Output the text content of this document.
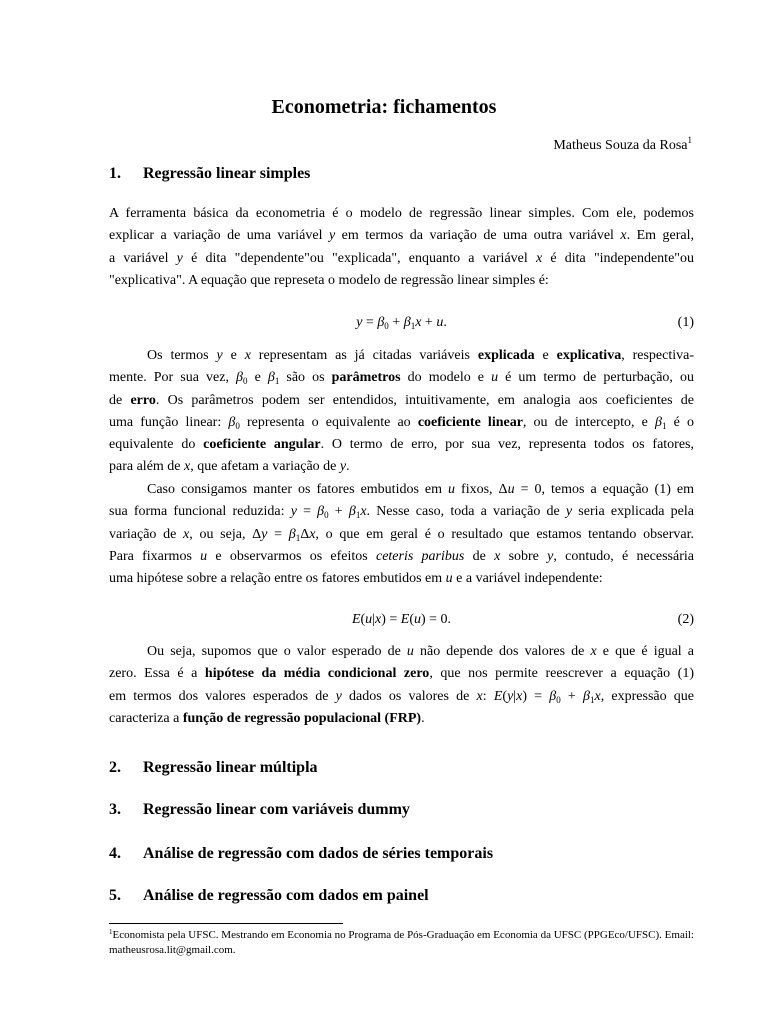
Econometria: fichamentos
Matheus Souza da Rosa$^1$
1. Regressão linear simples
A ferramenta básica da econometria é o modelo de regressão linear simples. Com ele, podemos
explicar a variação de uma variável y em termos da variação de uma outra variável x. Em geral,
a variável y é dita "dependente"ou "explicada", enquanto a variável x é dita "independente"ou
"explicativa". A equação que represeta o modelo de regressão linear simples é:
$y = \beta_0 + \beta_1x + u$.	(1)
Os termos y e x representam as já citadas variáveis explicada e explicativa, respectiva-
mente. Por sua vez, $\beta_0$ e $\beta_1$ são os parâmetros do modelo e u é um termo de perturbação, ou
de erro. Os parâmetros podem ser entendidos, intuitivamente, em analogia aos coeficientes de
uma função linear: $\beta_0$ representa o equivalente ao coeficiente linear, ou de intercepto, e $\beta_1$ é o
equivalente do coeficiente angular. O termo de erro, por sua vez, representa todos os fatores,
para além de x, que afetam a variação de y.
Caso consigamos manter os fatores embutidos em u fixos, Δu = 0, temos a equação (1) em
sua forma funcional reduzida: $y = \beta_0 + \beta_1x$. Nesse caso, toda a variação de y seria explicada pela
variação de x, ou seja, $\Delta y = \beta_1\Delta x$, o que em geral é o resultado que estamos tentando observar.
Para fixarmos u e observarmos os efeitos ceteris paribus de x sobre y, contudo, é necessária
uma hipótese sobre a relação entre os fatores embutidos em u e a variável independente:
E(u|x) = E(u) = 0.	(2)
Ou seja, supomos que o valor esperado de u não depende dos valores de x e que é igual a
zero. Essa é a hipótese da média condicional zero, que nos permite reescrever a equação (1)
em termos dos valores esperados de y dados os valores de x: $E(y|x) = \beta_0 + \beta_1x$, expressão que
caracteriza a função de regressão populacional (FRP).
2. Regressão linear múltipla
3. Regressão linear com variáveis dummy
4. Análise de regressão com dados de séries temporais
5. Análise de regressão com dados em painel
$^1$Economista pela UFSC. Mestrando em Economia no Programa de Pós-Graduação em Economia da UFSC (PPGEco/UFSC). Email: matheusrosa.lit@gmail.com.
